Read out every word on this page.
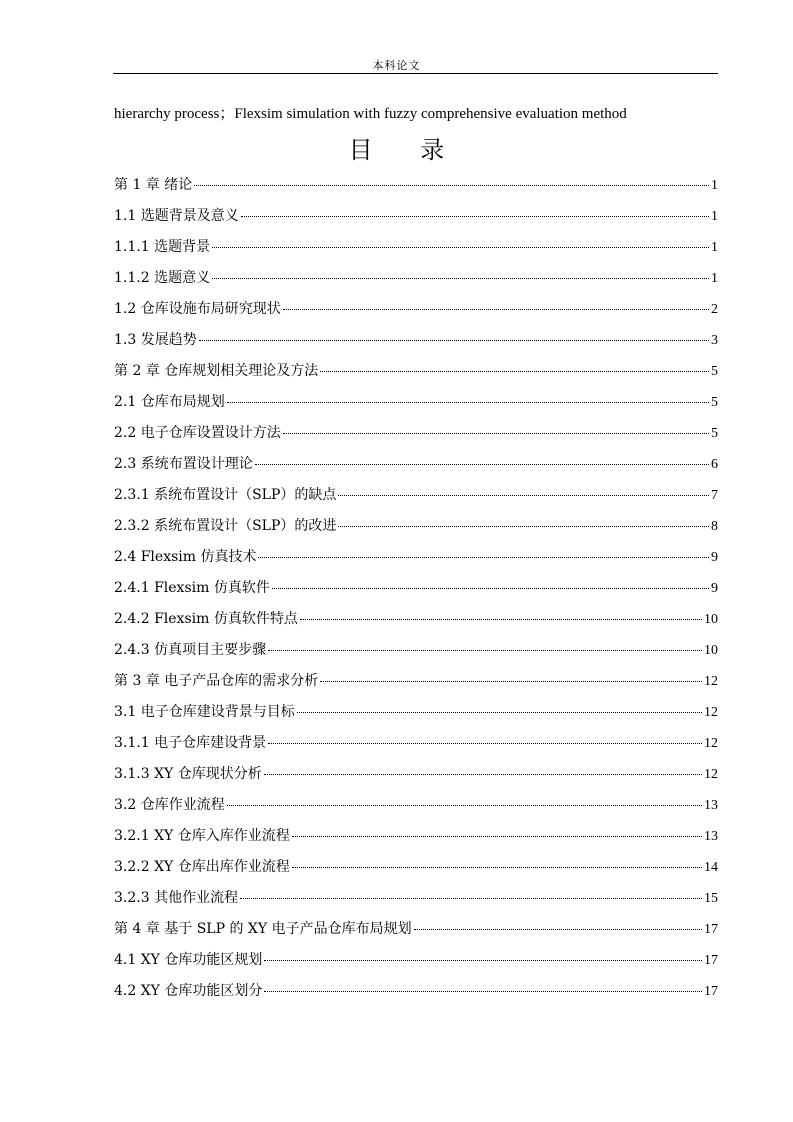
本科论文
hierarchy process；Flexsim simulation with fuzzy comprehensive evaluation method
目 录
第 1 章 绪论	1
1.1 选题背景及意义	1
1.1.1 选题背景	1
1.1.2 选题意义	1
1.2 仓库设施布局研究现状	2
1.3 发展趋势	3
第 2 章 仓库规划相关理论及方法	5
2.1 仓库布局规划	5
2.2 电子仓库设置设计方法	5
2.3 系统布置设计理论	6
2.3.1 系统布置设计（SLP）的缺点	7
2.3.2 系统布置设计（SLP）的改进	8
2.4 Flexsim 仿真技术	9
2.4.1 Flexsim 仿真软件	9
2.4.2 Flexsim 仿真软件特点	10
2.4.3 仿真项目主要步骤	10
第 3 章 电子产品仓库的需求分析	12
3.1 电子仓库建设背景与目标	12
3.1.1 电子仓库建设背景	12
3.1.3 XY 仓库现状分析	12
3.2 仓库作业流程	13
3.2.1 XY 仓库入库作业流程	13
3.2.2 XY 仓库出库作业流程	14
3.2.3 其他作业流程	15
第 4 章 基于 SLP 的 XY 电子产品仓库布局规划	17
4.1 XY 仓库功能区规划	17
4.2 XY 仓库功能区划分	17
